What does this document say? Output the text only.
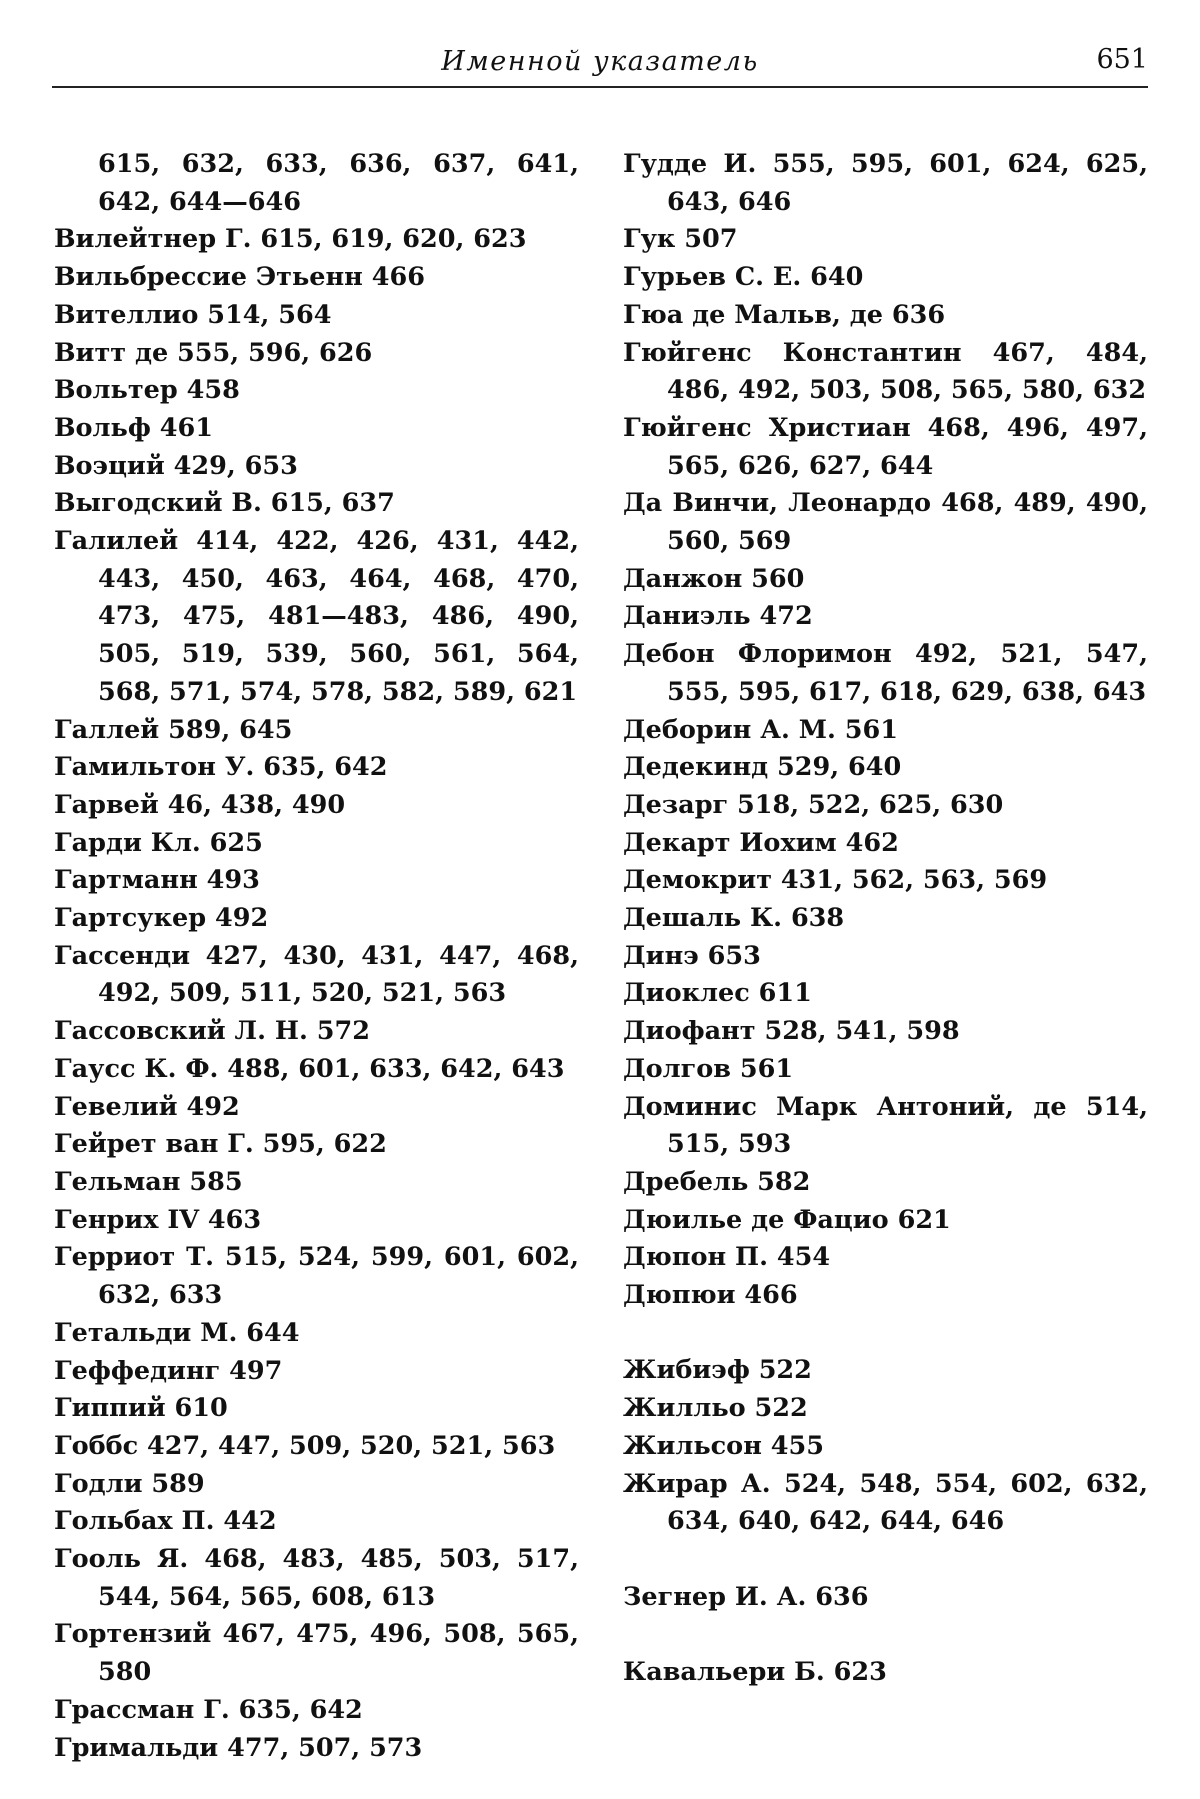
Именной указатель	651
615, 632, 633, 636, 637, 641, 642, 644—646
Вилейтнер Г. 615, 619, 620, 623
Вильбрессие Этьенн 466
Вителлио 514, 564
Витт де 555, 596, 626
Вольтер 458
Вольф 461
Воэций 429, 653
Выгодский В. 615, 637
Галилей 414, 422, 426, 431, 442, 443, 450, 463, 464, 468, 470, 473, 475, 481—483, 486, 490, 505, 519, 539, 560, 561, 564, 568, 571, 574, 578, 582, 589, 621
Галлей 589, 645
Гамильтон У. 635, 642
Гарвей 46, 438, 490
Гарди Кл. 625
Гартманн 493
Гартсукер 492
Гассенди 427, 430, 431, 447, 468, 492, 509, 511, 520, 521, 563
Гассовский Л. Н. 572
Гаусс К. Ф. 488, 601, 633, 642, 643
Гевелий 492
Гейрет ван Г. 595, 622
Гельман 585
Генрих IV 463
Герриот Т. 515, 524, 599, 601, 602, 632, 633
Гетальди М. 644
Геффединг 497
Гиппий 610
Гоббс 427, 447, 509, 520, 521, 563
Годли 589
Гольбах П. 442
Гооль Я. 468, 483, 485, 503, 517, 544, 564, 565, 608, 613
Гортензий 467, 475, 496, 508, 565, 580
Грассман Г. 635, 642
Гримальди 477, 507, 573
Гудде И. 555, 595, 601, 624, 625, 643, 646
Гук 507
Гурьев С. Е. 640
Гюа де Мальв, де 636
Гюйгенс Константин 467, 484, 486, 492, 503, 508, 565, 580, 632
Гюйгенс Христиан 468, 496, 497, 565, 626, 627, 644
Да Винчи, Леонардо 468, 489, 490, 560, 569
Данжон 560
Даниэль 472
Дебон Флоримон 492, 521, 547, 555, 595, 617, 618, 629, 638, 643
Деборин А. М. 561
Дедекинд 529, 640
Дезарг 518, 522, 625, 630
Декарт Иохим 462
Демокрит 431, 562, 563, 569
Дешаль К. 638
Динэ 653
Диоклес 611
Диофант 528, 541, 598
Долгов 561
Доминис Марк Антоний, де 514, 515, 593
Дребель 582
Дюилье де Фацио 621
Дюпон П. 454
Дюпюи 466
Жибиэф 522
Жилльо 522
Жильсон 455
Жирар А. 524, 548, 554, 602, 632, 634, 640, 642, 644, 646
Зегнер И. А. 636
Кавальери Б. 623
